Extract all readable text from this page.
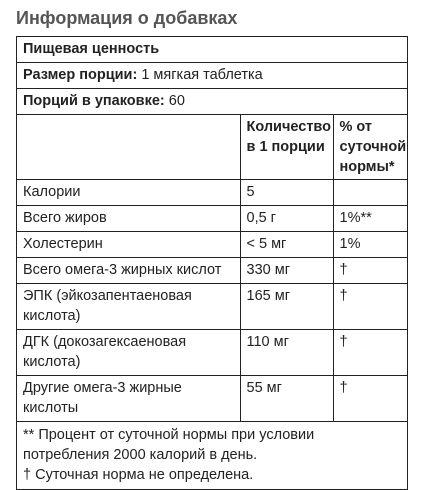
Информация о добавках
Пищевая ценность
Размер порции: 1 мягкая таблетка
Порций в упаковке: 60
	Количество в 1 порции	% от суточной нормы*
Калории	5	
Всего жиров	0,5 г	1%**
Холестерин	< 5 мг	1%
Всего омега-3 жирных кислот	330 мг	†
ЭПК (эйкозапентаеновая кислота)	165 мг	†
ДГК (докозагексаеновая кислота)	110 мг	†
Другие омега-3 жирные кислоты	55 мг	†
** Процент от суточной нормы при условии потребления 2000 калорий в день.
† Суточная норма не определена.
